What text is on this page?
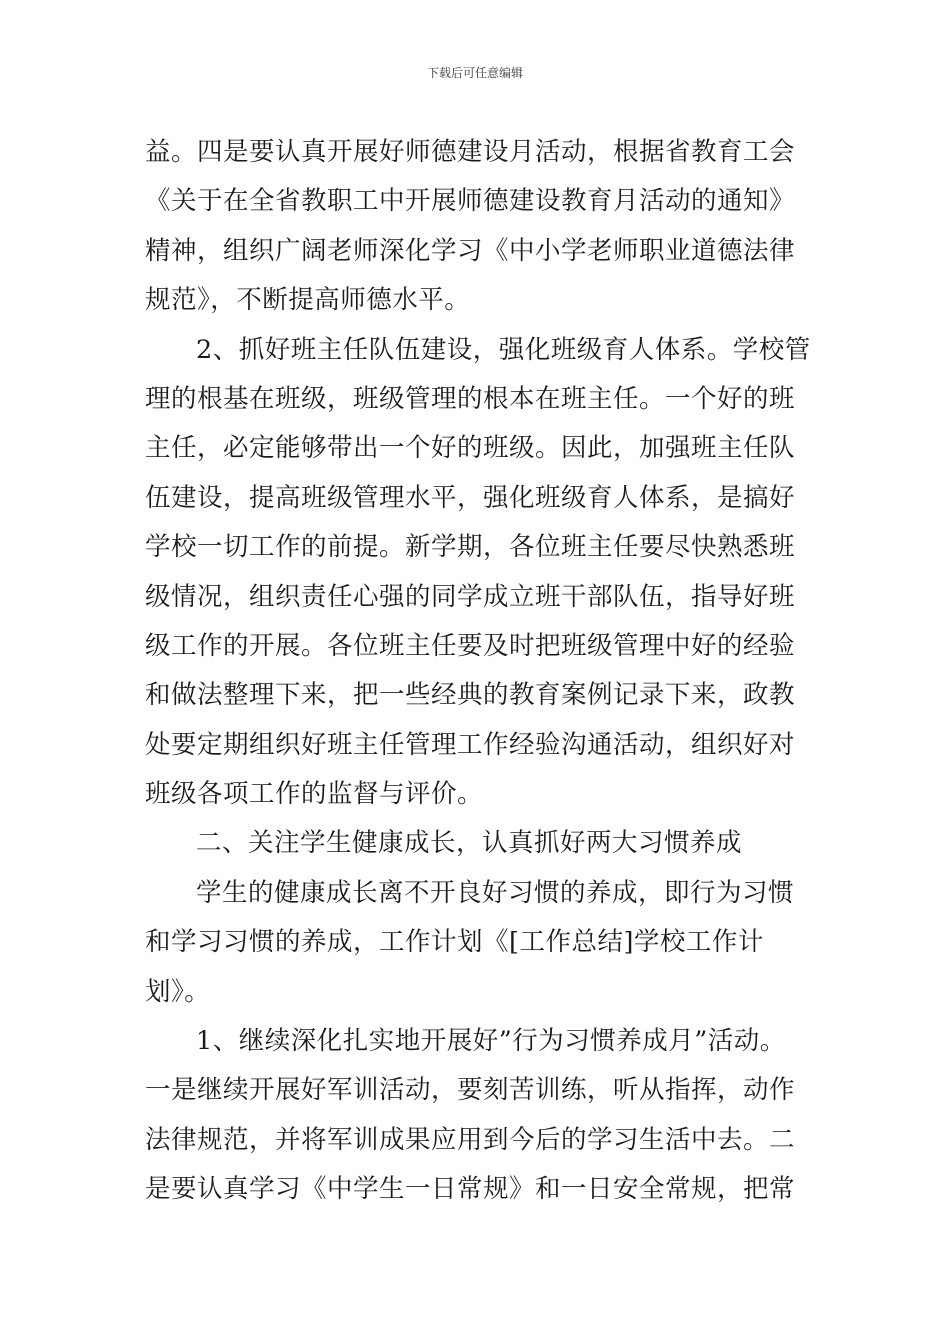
下载后可任意编辑
益。四是要认真开展好师德建设月活动，根据省教育工会
《关于在全省教职工中开展师德建设教育月活动的通知》
精神，组织广阔老师深化学习《中小学老师职业道德法律
规范》，不断提高师德水平。
2、抓好班主任队伍建设，强化班级育人体系。学校管
理的根基在班级，班级管理的根本在班主任。一个好的班
主任，必定能够带出一个好的班级。因此，加强班主任队
伍建设，提高班级管理水平，强化班级育人体系，是搞好
学校一切工作的前提。新学期，各位班主任要尽快熟悉班
级情况，组织责任心强的同学成立班干部队伍，指导好班
级工作的开展。各位班主任要及时把班级管理中好的经验
和做法整理下来，把一些经典的教育案例记录下来，政教
处要定期组织好班主任管理工作经验沟通活动，组织好对
班级各项工作的监督与评价。
二、关注学生健康成长，认真抓好两大习惯养成
学生的健康成长离不开良好习惯的养成，即行为习惯
和学习习惯的养成，工作计划《[工作总结]学校工作计
划》。
1、继续深化扎实地开展好”行为习惯养成月”活动。
一是继续开展好军训活动，要刻苦训练，听从指挥，动作
法律规范，并将军训成果应用到今后的学习生活中去。二
是要认真学习《中学生一日常规》和一日安全常规，把常
